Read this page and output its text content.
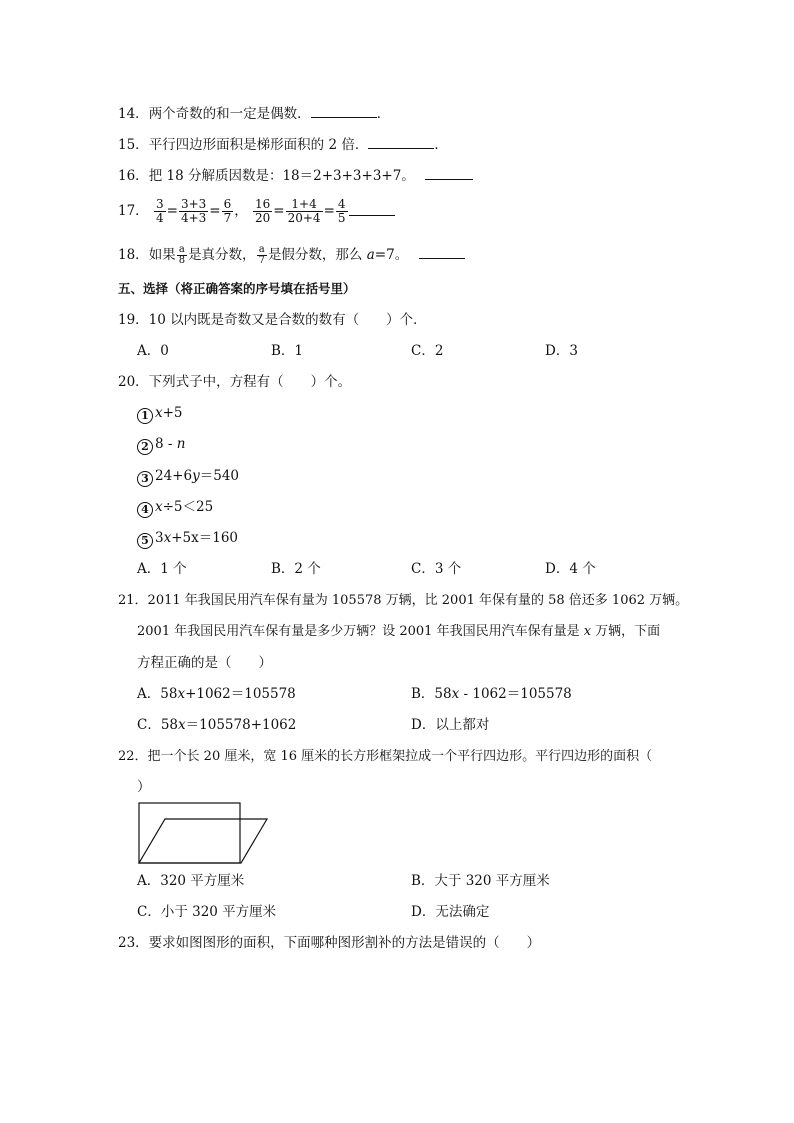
14．两个奇数的和一定是偶数．	．
15．平行四边形面积是梯形面积的 2 倍．	．
16．把 18 分解质因数是：18＝2+3+3+3+7。
17． $\frac{3}{4} = \frac{3+3}{4+3} = \frac{6}{7}$ ， $\frac{16}{20} = \frac{1+4}{20+4} = \frac{4}{5}$
18．如果 $\frac{a}{8}$ 是真分数， $\frac{a}{7}$ 是假分数，那么 a=7。
五、选择（将正确答案的序号填在括号里）
19．10 以内既是奇数又是合数的数有（　　）个．
A．0	B．1	C．2	D．3
20．下列式子中，方程有（　　）个。
1 x+5
2 8 - n
3 24+6y＝540
4 x÷5＜25
5 3x+5x＝160
A．1 个	B．2 个	C．3 个	D．4 个
21．2011 年我国民用汽车保有量为 105578 万辆，比 2001 年保有量的 58 倍还多 1062 万辆。
2001 年我国民用汽车保有量是多少万辆？设 2001 年我国民用汽车保有量是 x 万辆，下面
方程正确的是（　　）
A．58x+1062＝105578	B．58x - 1062＝105578
C．58x＝105578+1062	D．以上都对
22．把一个长 20 厘米，宽 16 厘米的长方形框架拉成一个平行四边形。平行四边形的面积（
）
A．320 平方厘米	B．大于 320 平方厘米
C．小于 320 平方厘米	D．无法确定
23．要求如图图形的面积，下面哪种图形割补的方法是错误的（　　）
